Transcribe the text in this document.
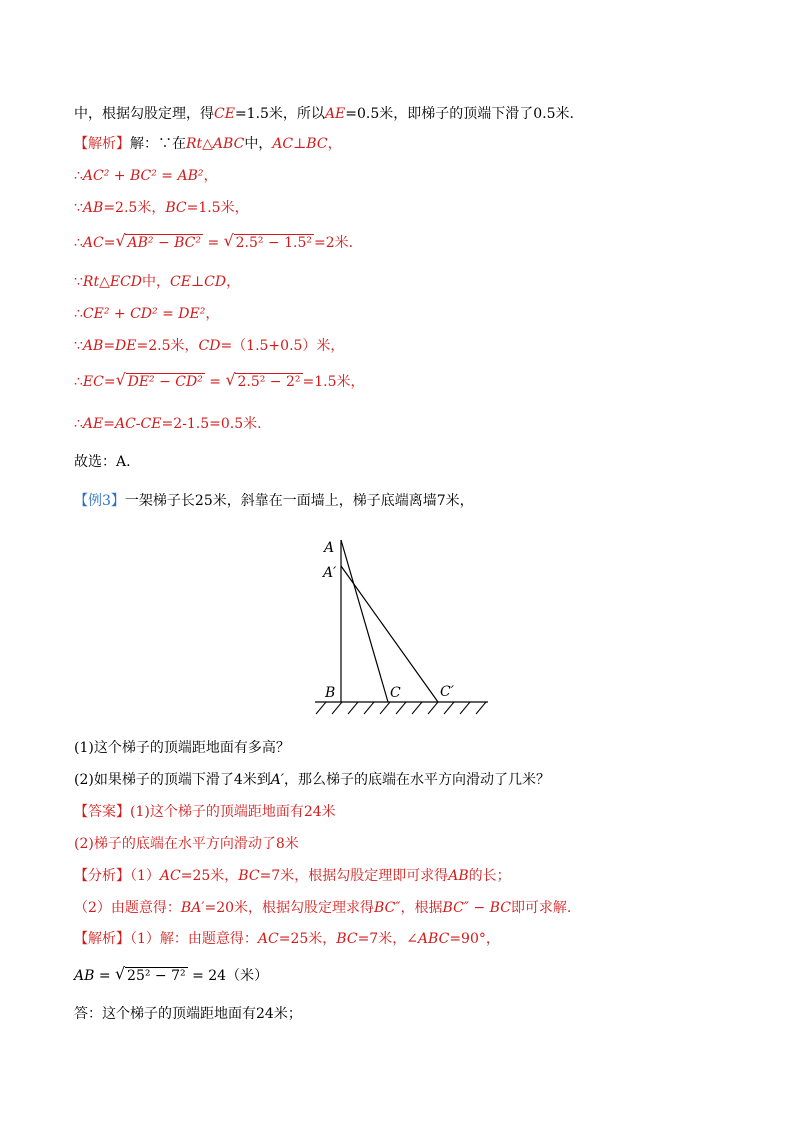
中，根据勾股定理，得CE=1.5米，所以AE=0.5米，即梯子的顶端下滑了0.5米.
【解析】解：∵在Rt△ABC中，AC⊥BC，
∴AC² + BC² = AB²，
∵AB=2.5米，BC=1.5米，
∴AC= √ AB² − BC² = √ 2.5² − 1.5² =2米.
∵Rt△ECD中，CE⊥CD，
∴CE² + CD² = DE²，
∵AB=DE=2.5米，CD=（1.5+0.5）米，
∴EC= √ DE² − CD² = √ 2.5² − 2² =1.5米，
∴AE=AC-CE=2-1.5=0.5米.
故选：A.
【例3】一架梯子长25米，斜靠在一面墙上，梯子底端离墙7米，
A
A′
B	C	C′
(1)这个梯子的顶端距地面有多高？
(2)如果梯子的顶端下滑了4米到A′，那么梯子的底端在水平方向滑动了几米？
【答案】(1)这个梯子的顶端距地面有24米
(2)梯子的底端在水平方向滑动了8米
【分析】（1）AC=25米，BC=7米，根据勾股定理即可求得AB的长；
（2）由题意得：BA′=20米，根据勾股定理求得BC″，根据BC″ − BC即可求解.
【解析】（1）解：由题意得：AC=25米，BC=7米，∠ABC=90°，
AB = √ 25² − 7² = 24（米）
答：这个梯子的顶端距地面有24米；
